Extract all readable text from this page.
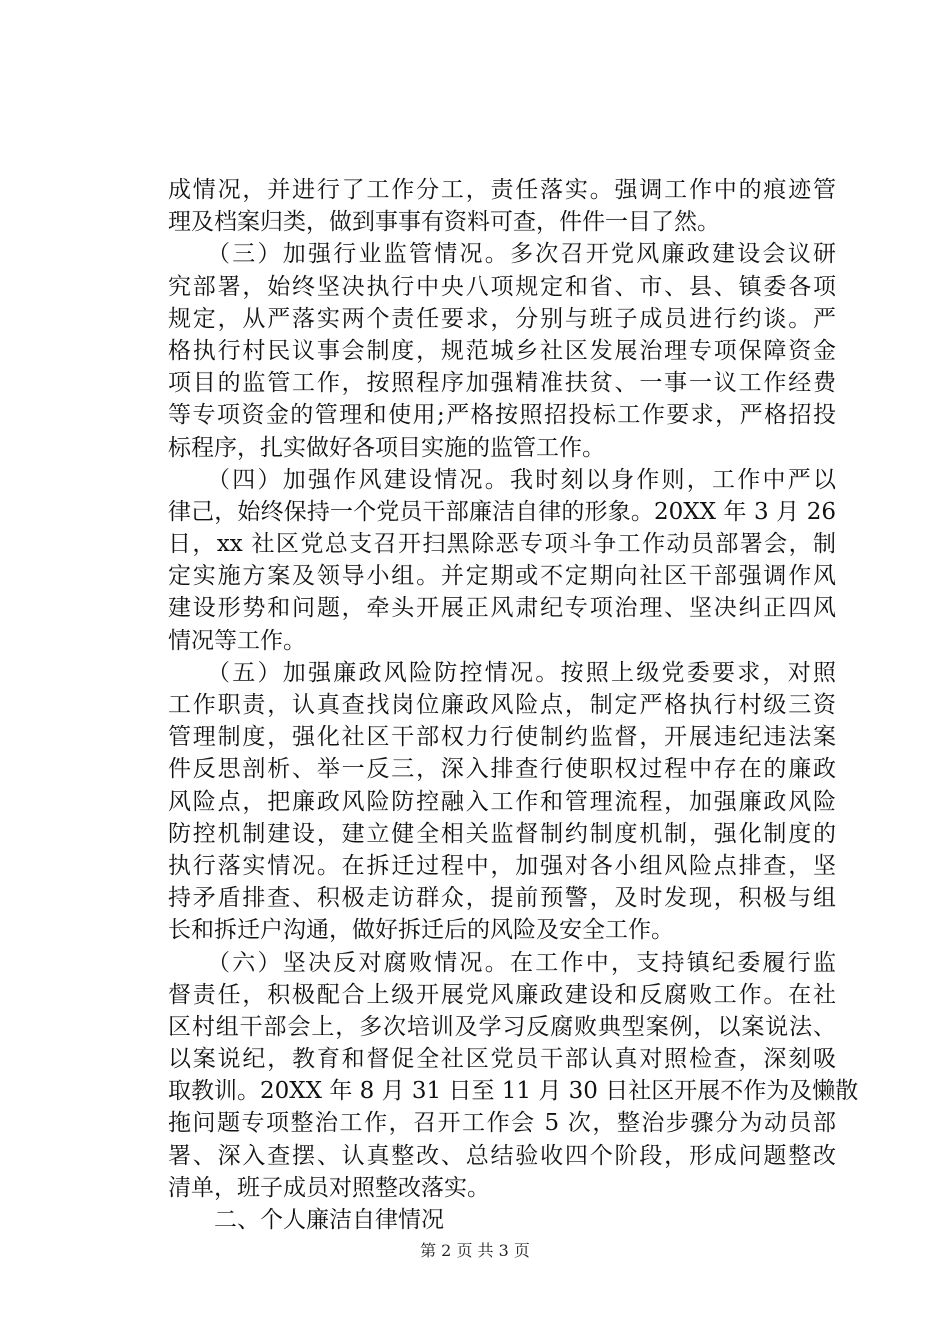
成情况，并进行了工作分工，责任落实。强调工作中的痕迹管
理及档案归类，做到事事有资料可查，件件一目了然。
　　（三）加强行业监管情况。多次召开党风廉政建设会议研
究部署，始终坚决执行中央八项规定和省、市、县、镇委各项
规定，从严落实两个责任要求，分别与班子成员进行约谈。严
格执行村民议事会制度，规范城乡社区发展治理专项保障资金
项目的监管工作，按照程序加强精准扶贫、一事一议工作经费
等专项资金的管理和使用;严格按照招投标工作要求，严格招投
标程序，扎实做好各项目实施的监管工作。
　　（四）加强作风建设情况。我时刻以身作则，工作中严以
律己，始终保持一个党员干部廉洁自律的形象。20XX 年 3 月 26
日，xx 社区党总支召开扫黑除恶专项斗争工作动员部署会，制
定实施方案及领导小组。并定期或不定期向社区干部强调作风
建设形势和问题，牵头开展正风肃纪专项治理、坚决纠正四风
情况等工作。
　　（五）加强廉政风险防控情况。按照上级党委要求，对照
工作职责，认真查找岗位廉政风险点，制定严格执行村级三资
管理制度，强化社区干部权力行使制约监督，开展违纪违法案
件反思剖析、举一反三，深入排查行使职权过程中存在的廉政
风险点，把廉政风险防控融入工作和管理流程，加强廉政风险
防控机制建设，建立健全相关监督制约制度机制，强化制度的
执行落实情况。在拆迁过程中，加强对各小组风险点排查，坚
持矛盾排查、积极走访群众，提前预警，及时发现，积极与组
长和拆迁户沟通，做好拆迁后的风险及安全工作。
　　（六）坚决反对腐败情况。在工作中，支持镇纪委履行监
督责任，积极配合上级开展党风廉政建设和反腐败工作。在社
区村组干部会上，多次培训及学习反腐败典型案例，以案说法、
以案说纪，教育和督促全社区党员干部认真对照检查，深刻吸
取教训。20XX 年 8 月 31 日至 11 月 30 日社区开展不作为及懒散
拖问题专项整治工作，召开工作会 5 次，整治步骤分为动员部
署、深入查摆、认真整改、总结验收四个阶段，形成问题整改
清单，班子成员对照整改落实。
　　二、个人廉洁自律情况
第 2 页 共 3 页
